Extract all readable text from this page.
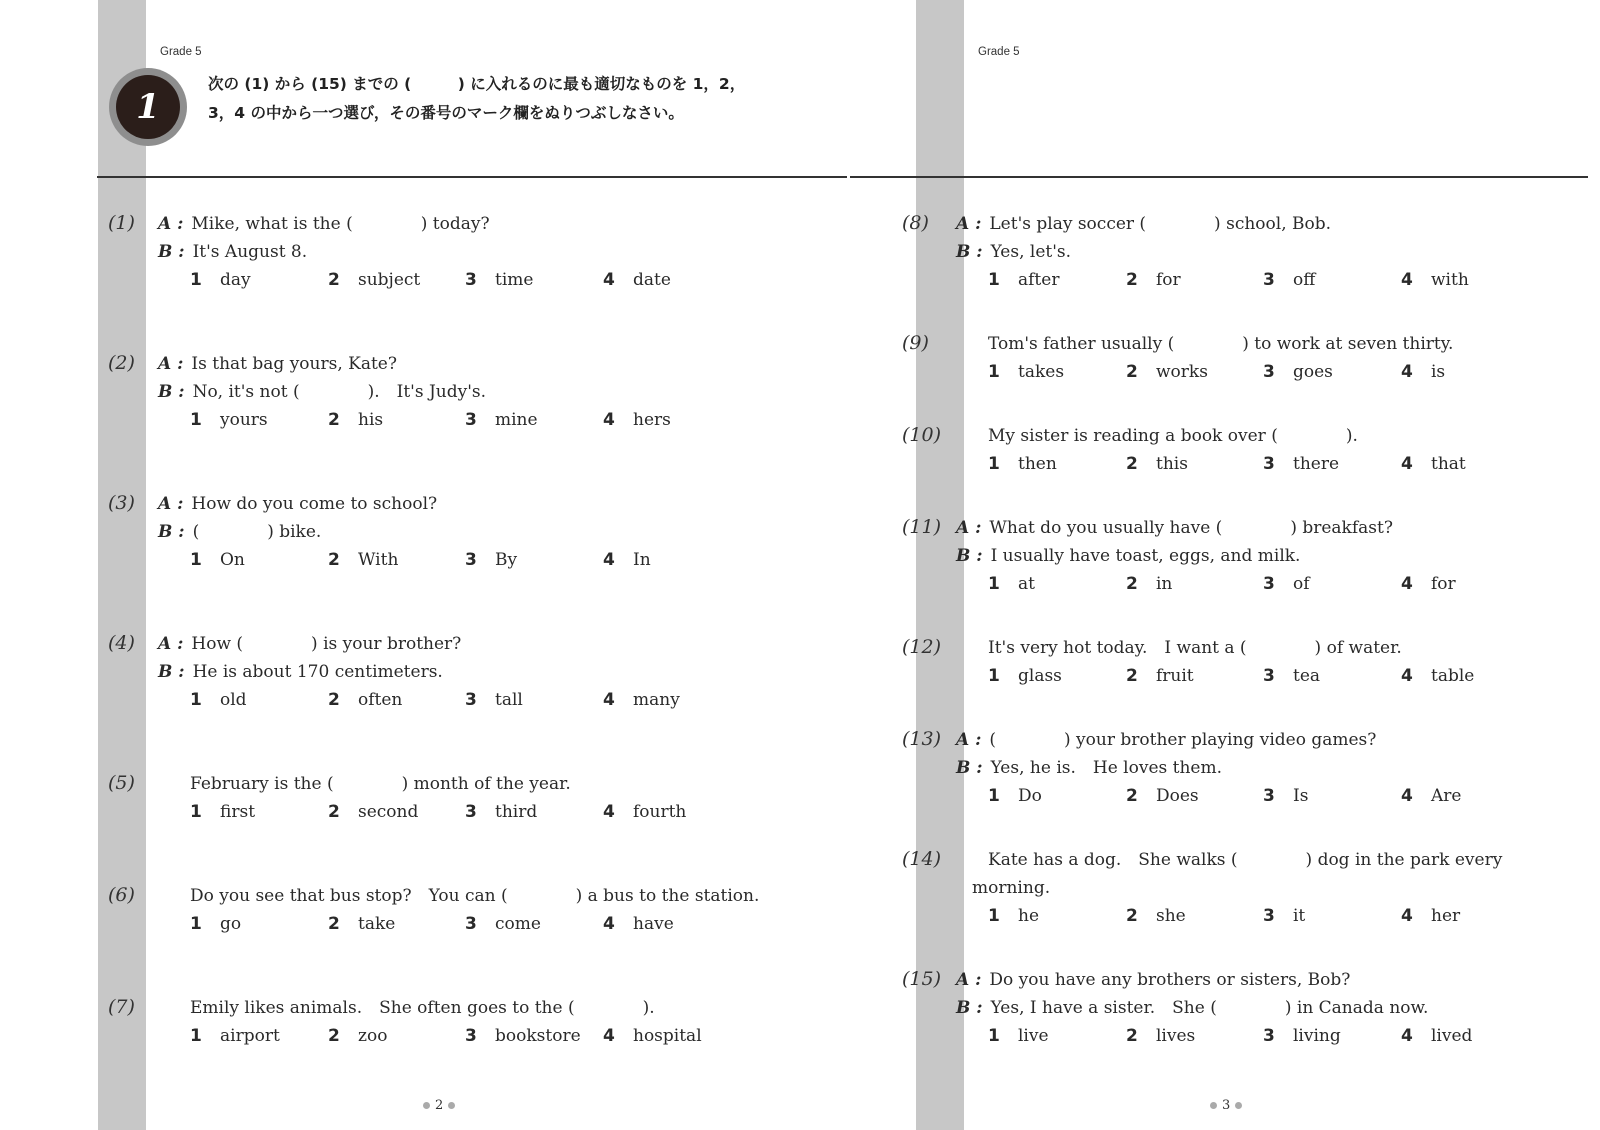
Grade 5
1
次の (1) から (15) までの (　　　) に入れるのに最も適切なものを 1，2，
3，4 の中から一つ選び，その番号のマーク欄をぬりつぶしなさい。
(1) A : Mike, what is the (　　　　) today?
B : It's August 8.
1 day	2 subject	3 time	4 date
(2) A : Is that bag yours, Kate?
B : No, it's not (　　　　).　It's Judy's.
1 yours	2 his	3 mine	4 hers
(3) A : How do you come to school?
B : (　　　　) bike.
1 On	2 With	3 By	4 In
(4) A : How (　　　　) is your brother?
B : He is about 170 centimeters.
1 old	2 often	3 tall	4 many
(5)	February is the (　　　　) month of the year.
1 first	2 second	3 third	4 fourth
(6)	Do you see that bus stop?　You can (　　　　) a bus to the station.
1 go	2 take	3 come	4 have
(7)	Emily likes animals.　She often goes to the (　　　　).
1 airport	2 zoo	3 bookstore 4 hospital
2
Grade 5
(8) A : Let's play soccer (　　　　) school, Bob.
B : Yes, let's.
1 after	2 for	3 off	4 with
(9)	Tom's father usually (　　　　) to work at seven thirty.
1 takes	2 works	3 goes	4 is
(10)	My sister is reading a book over (　　　　).
1 then	2 this	3 there	4 that
(11) A : What do you usually have (　　　　) breakfast?
B : I usually have toast, eggs, and milk.
1 at	2 in	3 of	4 for
(12)	It's very hot today.　I want a (　　　　) of water.
1 glass	2 fruit	3 tea	4 table
(13) A : (　　　　) your brother playing video games?
B : Yes, he is.　He loves them.
1 Do	2 Does	3 Is	4 Are
(14)	Kate has a dog.　She walks (　　　　) dog in the park every
morning.
1 he	2 she	3 it	4 her
(15) A : Do you have any brothers or sisters, Bob?
B : Yes, I have a sister.　She (　　　　) in Canada now.
1 live	2 lives	3 living	4 lived
3
